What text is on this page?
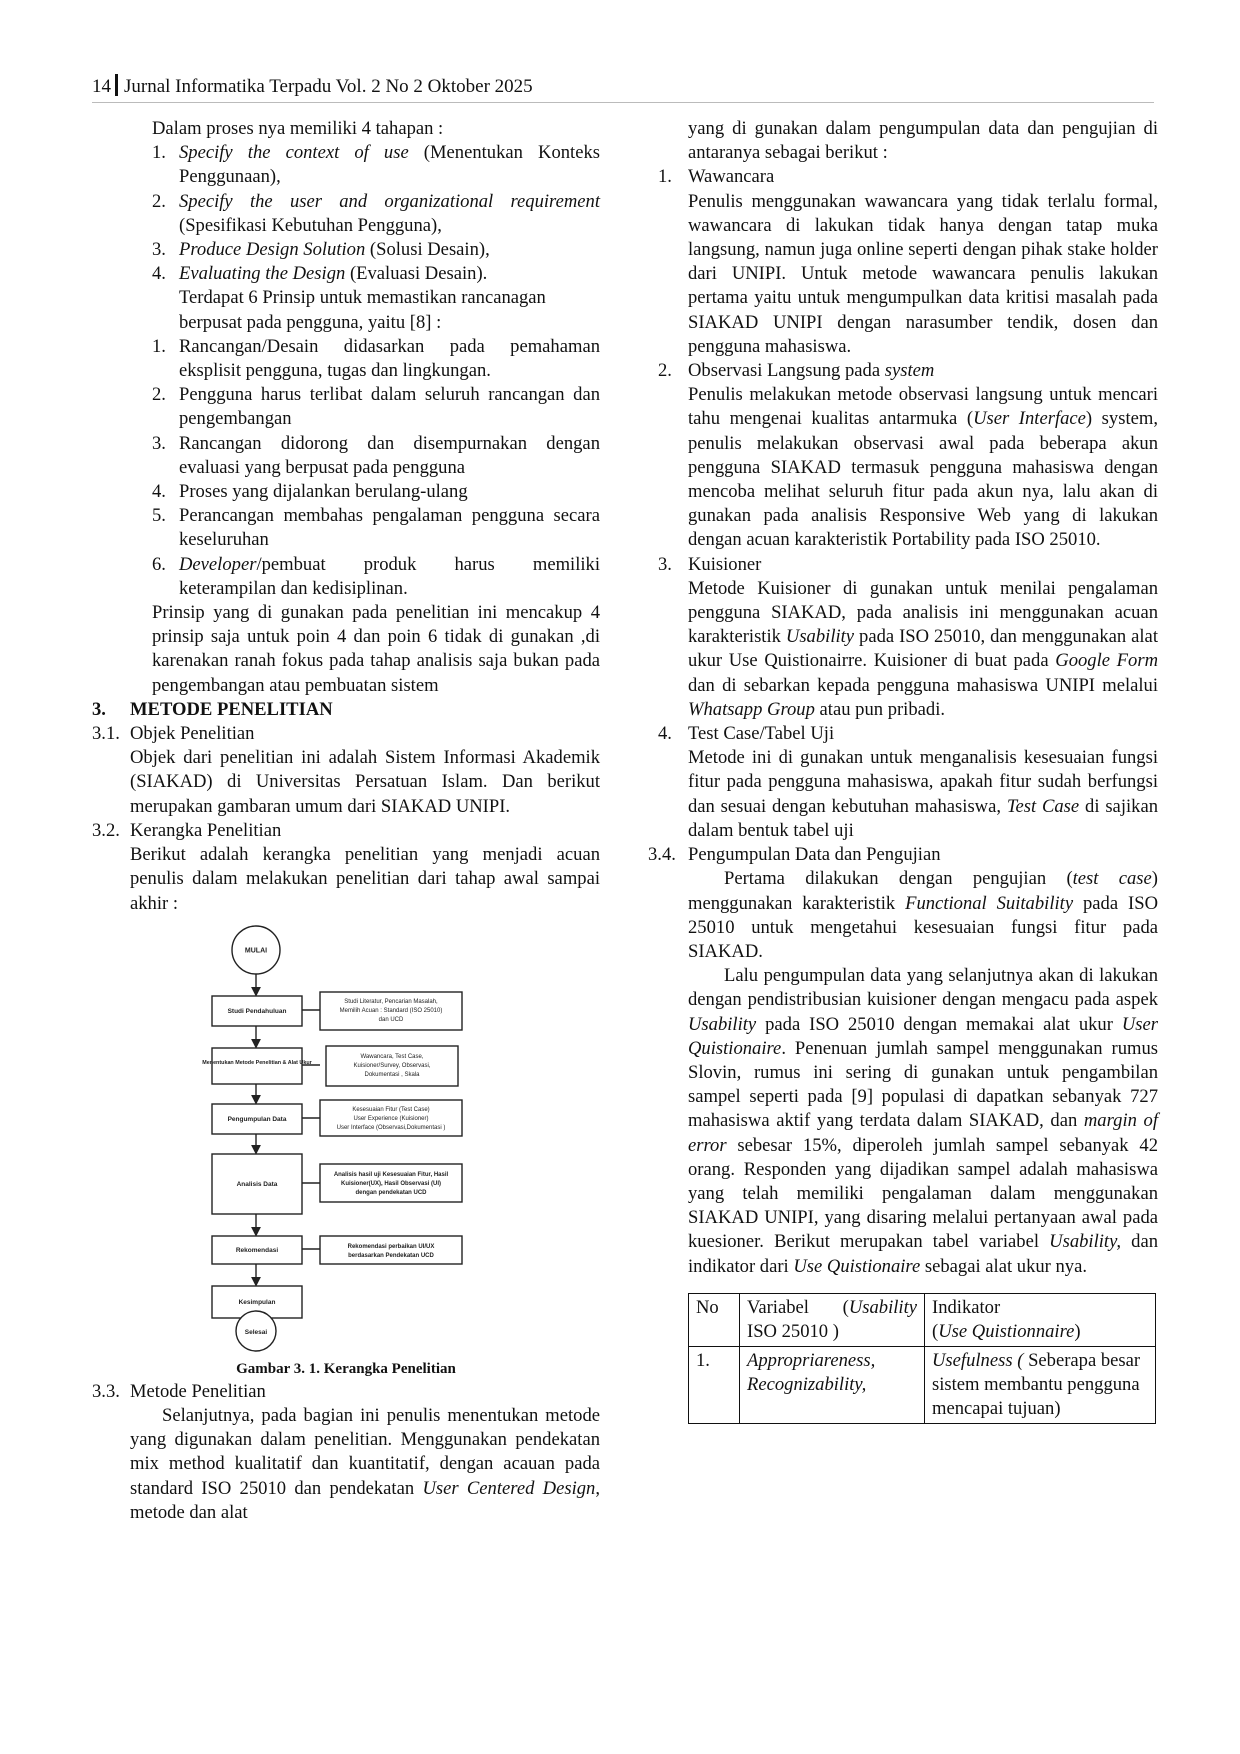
14 Jurnal Informatika Terpadu Vol. 2 No 2 Oktober 2025

Dalam proses nya memiliki 4 tahapan :

1. Specify the context of use (Menentukan Konteks Penggunaan),
2. Specify the user and organizational requirement (Spesifikasi Kebutuhan Pengguna),
3. Produce Design Solution (Solusi Desain),
4. Evaluating the Design (Evaluasi Desain).

Terdapat 6 Prinsip untuk memastikan rancanagan berpusat pada pengguna, yaitu [8] :

1. Rancangan/Desain didasarkan pada pemahaman eksplisit pengguna, tugas dan lingkungan.
2. Pengguna harus terlibat dalam seluruh rancangan dan pengembangan
3. Rancangan didorong dan disempurnakan dengan evaluasi yang berpusat pada pengguna
4. Proses yang dijalankan berulang-ulang
5. Perancangan membahas pengalaman pengguna secara keseluruhan
6. Developer/pembuat produk harus memiliki keterampilan dan kedisiplinan.

Prinsip yang di gunakan pada penelitian ini mencakup 4 prinsip saja untuk poin 4 dan poin 6 tidak di gunakan ,di karenakan ranah fokus pada tahap analisis saja bukan pada pengembangan atau pembuatan sistem

3.	METODE PENELITIAN
3.1. Objek Penelitian

Objek dari penelitian ini adalah Sistem Informasi Akademik (SIAKAD) di Universitas Persatuan Islam. Dan berikut merupakan gambaran umum dari SIAKAD UNIPI.

3.2. Kerangka Penelitian

Berikut adalah kerangka penelitian yang menjadi acuan penulis dalam melakukan penelitian dari tahap awal sampai akhir :

MULAI
Studi Pendahuluan
Menentukan Metode Penelitian & Alat Ukur
Pengumpulan Data
Analisis Data
Rekomendasi
Kesimpulan
Selesai
Studi Literatur, Pencarian Masalah,
Memilih Acuan : Standard (ISO 25010)
dan UCD
Wawancara, Test Case,
Kuisioner/Survey, Observasi,
Dokumentasi , Skala
Kesesuaian Fitur (Test Case)
User Experience (Kuisioner)
User Interface (Observasi,Dokumentasi )
Analisis hasil uji Kesesuaian Fitur, Hasil
Kuisioner(UX), Hasil Observasi (UI)
dengan pendekatan UCD
Rekomendasi perbaikan UI/UX
berdasarkan Pendekatan UCD
Gambar 3. 1. Kerangka Penelitian
3.3. Metode Penelitian

Selanjutnya, pada bagian ini penulis menentukan metode yang digunakan dalam penelitian. Menggunakan pendekatan mix method kualitatif dan kuantitatif, dengan acauan pada standard ISO 25010 dan pendekatan User Centered Design, metode dan alat

yang di gunakan dalam pengumpulan data dan pengujian di antaranya sebagai berikut :

1. Wawancara

Penulis menggunakan wawancara yang tidak terlalu formal, wawancara di lakukan tidak hanya dengan tatap muka langsung, namun juga online seperti dengan pihak stake holder dari UNIPI. Untuk metode wawancara penulis lakukan pertama yaitu untuk mengumpulkan data kritisi masalah pada SIAKAD UNIPI dengan narasumber tendik, dosen dan pengguna mahasiswa.

2. Observasi Langsung pada system

Penulis melakukan metode observasi langsung untuk mencari tahu mengenai kualitas antarmuka (User Interface) system, penulis melakukan observasi awal pada beberapa akun pengguna SIAKAD termasuk pengguna mahasiswa dengan mencoba melihat seluruh fitur pada akun nya, lalu akan di gunakan pada analisis Responsive Web yang di lakukan dengan acuan karakteristik Portability pada ISO 25010.

3. Kuisioner

Metode Kuisioner di gunakan untuk menilai pengalaman pengguna SIAKAD, pada analisis ini menggunakan acuan karakteristik Usability pada ISO 25010, dan menggunakan alat ukur Use Quistionairre. Kuisioner di buat pada Google Form dan di sebarkan kepada pengguna mahasiswa UNIPI melalui Whatsapp Group atau pun pribadi.

4. Test Case/Tabel Uji

Metode ini di gunakan untuk menganalisis kesesuaian fungsi fitur pada pengguna mahasiswa, apakah fitur sudah berfungsi dan sesuai dengan kebutuhan mahasiswa, Test Case di sajikan dalam bentuk tabel uji

3.4. Pengumpulan Data dan Pengujian

Pertama dilakukan dengan pengujian (test case) menggunakan karakteristik Functional Suitability pada ISO 25010 untuk mengetahui kesesuaian fungsi fitur pada SIAKAD.

Lalu pengumpulan data yang selanjutnya akan di lakukan dengan pendistribusian kuisioner dengan mengacu pada aspek Usability pada ISO 25010 dengan memakai alat ukur User Quistionaire. Penenuan jumlah sampel menggunakan rumus Slovin, rumus ini sering di gunakan untuk pengambilan sampel seperti pada [9] populasi di dapatkan sebanyak 727 mahasiswa aktif yang terdata dalam SIAKAD, dan margin of error sebesar 15%, diperoleh jumlah sampel sebanyak 42 orang. Responden yang dijadikan sampel adalah mahasiswa yang telah memiliki pengalaman dalam menggunakan SIAKAD UNIPI, yang disaring melalui pertanyaan awal pada kuesioner. Berikut merupakan tabel variabel Usability, dan indikator dari Use Quistionaire sebagai alat ukur nya.

No	Variabel (Usability ISO 25010 )	Indikator
(Use Quistionnaire)
1.	Appropriareness, Recognizability,	Usefulness ( Seberapa besar sistem membantu pengguna mencapai tujuan)
